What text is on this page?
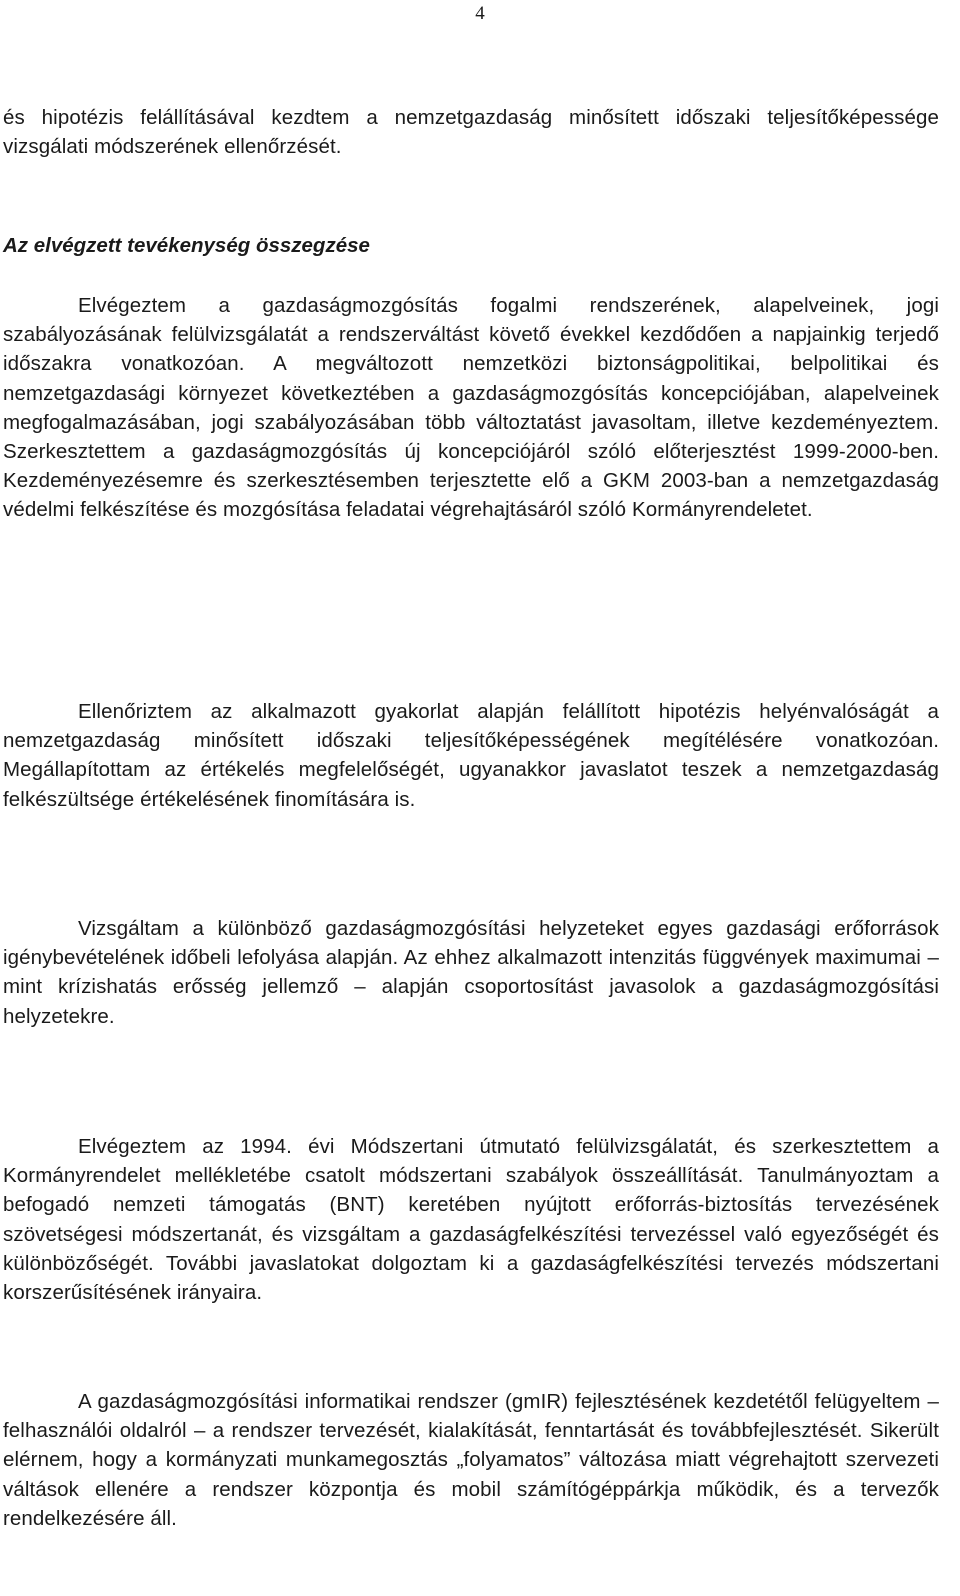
4
és hipotézis felállításával kezdtem a nemzetgazdaság minősített időszaki teljesítőképessége vizsgálati módszerének ellenőrzését.
Az elvégzett tevékenység összegzése
Elvégeztem a gazdaságmozgósítás fogalmi rendszerének, alapelveinek, jogi szabályozásának felülvizsgálatát a rendszerváltást követő évekkel kezdődően a napjainkig terjedő időszakra vonatkozóan. A megváltozott nemzetközi biztonságpolitikai, belpolitikai és nemzetgazdasági környezet következtében a gazdaságmozgósítás koncepciójában, alapelveinek megfogalmazásában, jogi szabályozásában több változtatást javasoltam, illetve kezdeményeztem. Szerkesztettem a gazdaságmozgósítás új koncepciójáról szóló előterjesztést 1999-2000-ben. Kezdeményezésemre és szerkesztésemben terjesztette elő a GKM 2003-ban a nemzetgazdaság védelmi felkészítése és mozgósítása feladatai végrehajtásáról szóló Kormányrendeletet.
Ellenőriztem az alkalmazott gyakorlat alapján felállított hipotézis helyénvalóságát a nemzetgazdaság minősített időszaki teljesítőképességének megítélésére vonatkozóan. Megállapítottam az értékelés megfelelőségét, ugyanakkor javaslatot teszek a nemzetgazdaság felkészültsége értékelésének finomítására is.
Vizsgáltam a különböző gazdaságmozgósítási helyzeteket egyes gazdasági erőforrások igénybevételének időbeli lefolyása alapján. Az ehhez alkalmazott intenzitás függvények maximumai – mint krízishatás erősség jellemző – alapján csoportosítást javasolok a gazdaságmozgósítási helyzetekre.
Elvégeztem az 1994. évi Módszertani útmutató felülvizsgálatát, és szerkesztettem a Kormányrendelet mellékletébe csatolt módszertani szabályok összeállítását. Tanulmányoztam a befogadó nemzeti támogatás (BNT) keretében nyújtott erőforrás-biztosítás tervezésének szövetségesi módszertanát, és vizsgáltam a gazdaságfelkészítési tervezéssel való egyezőségét és különbözőségét. További javaslatokat dolgoztam ki a gazdaságfelkészítési tervezés módszertani korszerűsítésének irányaira.
A gazdaságmozgósítási informatikai rendszer (gmIR) fejlesztésének kezdetétől felügyeltem – felhasználói oldalról – a rendszer tervezését, kialakítását, fenntartását és továbbfejlesztését. Sikerült elérnem, hogy a kormányzati munkamegosztás „folyamatos” változása miatt végrehajtott szervezeti váltások ellenére a rendszer központja és mobil számítógéppárkja működik, és a tervezők rendelkezésére áll.
